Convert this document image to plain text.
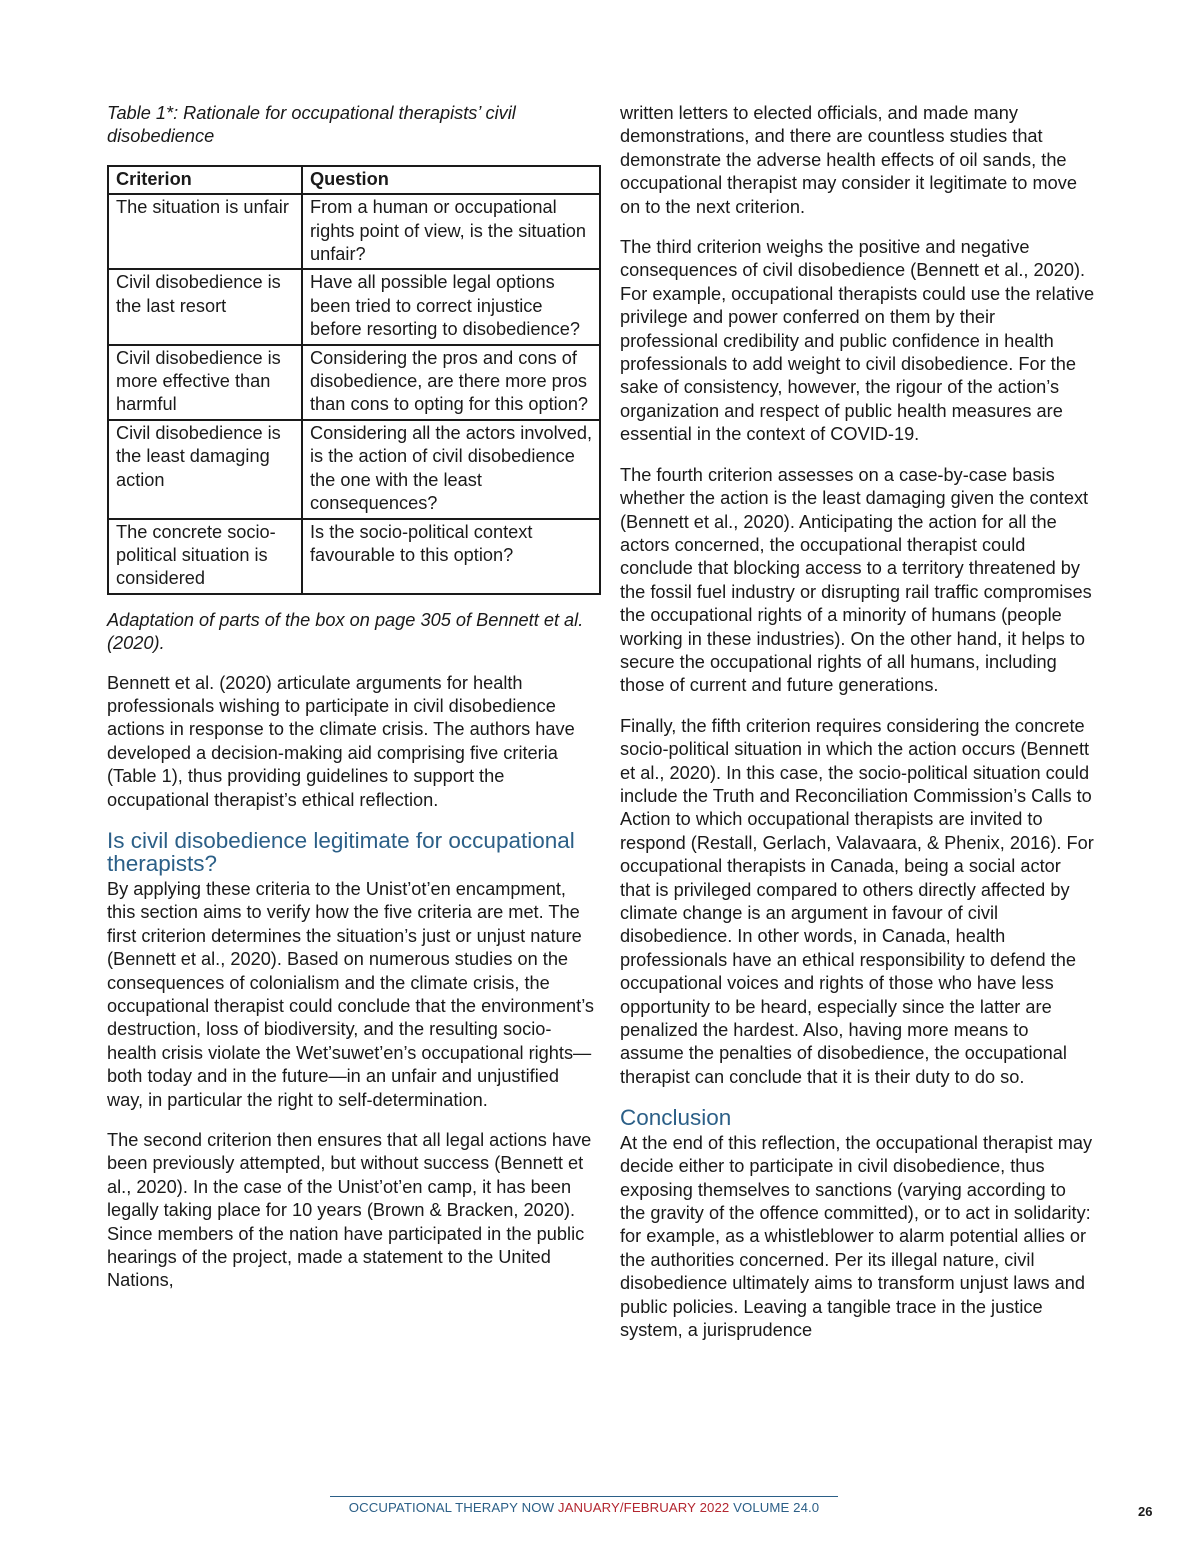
Table 1*: Rationale for occupational therapists’ civil disobedience

Criterion	Question
The situation is unfair	From a human or occupational rights point of view, is the situation unfair?
Civil disobedience is the last resort	Have all possible legal options been tried to correct injustice before resorting to disobedience?
Civil disobedience is more effective than harmful	Considering the pros and cons of disobedience, are there more pros than cons to opting for this option?
Civil disobedience is the least damaging action	Considering all the actors involved, is the action of civil disobedience the one with the least consequences?
The concrete socio-political situation is considered	Is the socio-political context favourable to this option?

Adaptation of parts of the box on page 305 of Bennett et al. (2020).

Bennett et al. (2020) articulate arguments for health professionals wishing to participate in civil disobedience actions in response to the climate crisis. The authors have developed a decision-making aid comprising five criteria (Table 1), thus providing guidelines to support the occupational therapist’s ethical reflection.

Is civil disobedience legitimate for occupational therapists?

By applying these criteria to the Unist’ot’en encampment, this section aims to verify how the five criteria are met. The first criterion determines the situation’s just or unjust nature (Bennett et al., 2020). Based on numerous studies on the consequences of colonialism and the climate crisis, the occupational therapist could conclude that the environment’s destruction, loss of biodiversity, and the resulting socio-health crisis violate the Wet’suwet’en’s occupational rights—both today and in the future—in an unfair and unjustified way, in particular the right to self-determination.

The second criterion then ensures that all legal actions have been previously attempted, but without success (Bennett et al., 2020). In the case of the Unist’ot’en camp, it has been legally taking place for 10 years (Brown & Bracken, 2020). Since members of the nation have participated in the public hearings of the project, made a statement to the United Nations,

written letters to elected officials, and made many demonstrations, and there are countless studies that demonstrate the adverse health effects of oil sands, the occupational therapist may consider it legitimate to move on to the next criterion.

The third criterion weighs the positive and negative consequences of civil disobedience (Bennett et al., 2020). For example, occupational therapists could use the relative privilege and power conferred on them by their professional credibility and public confidence in health professionals to add weight to civil disobedience. For the sake of consistency, however, the rigour of the action’s organization and respect of public health measures are essential in the context of COVID-19.

The fourth criterion assesses on a case-by-case basis whether the action is the least damaging given the context (Bennett et al., 2020). Anticipating the action for all the actors concerned, the occupational therapist could conclude that blocking access to a territory threatened by the fossil fuel industry or disrupting rail traffic compromises the occupational rights of a minority of humans (people working in these industries). On the other hand, it helps to secure the occupational rights of all humans, including those of current and future generations.

Finally, the fifth criterion requires considering the concrete socio-political situation in which the action occurs (Bennett et al., 2020). In this case, the socio-political situation could include the Truth and Reconciliation Commission’s Calls to Action to which occupational therapists are invited to respond (Restall, Gerlach, Valavaara, & Phenix, 2016). For occupational therapists in Canada, being a social actor that is privileged compared to others directly affected by climate change is an argument in favour of civil disobedience. In other words, in Canada, health professionals have an ethical responsibility to defend the occupational voices and rights of those who have less opportunity to be heard, especially since the latter are penalized the hardest. Also, having more means to assume the penalties of disobedience, the occupational therapist can conclude that it is their duty to do so.

Conclusion

At the end of this reflection, the occupational therapist may decide either to participate in civil disobedience, thus exposing themselves to sanctions (varying according to the gravity of the offence committed), or to act in solidarity: for example, as a whistleblower to alarm potential allies or the authorities concerned. Per its illegal nature, civil disobedience ultimately aims to transform unjust laws and public policies. Leaving a tangible trace in the justice system, a jurisprudence

OCCUPATIONAL THERAPY NOW JANUARY/FEBRUARY 2022 VOLUME 24.0	26
